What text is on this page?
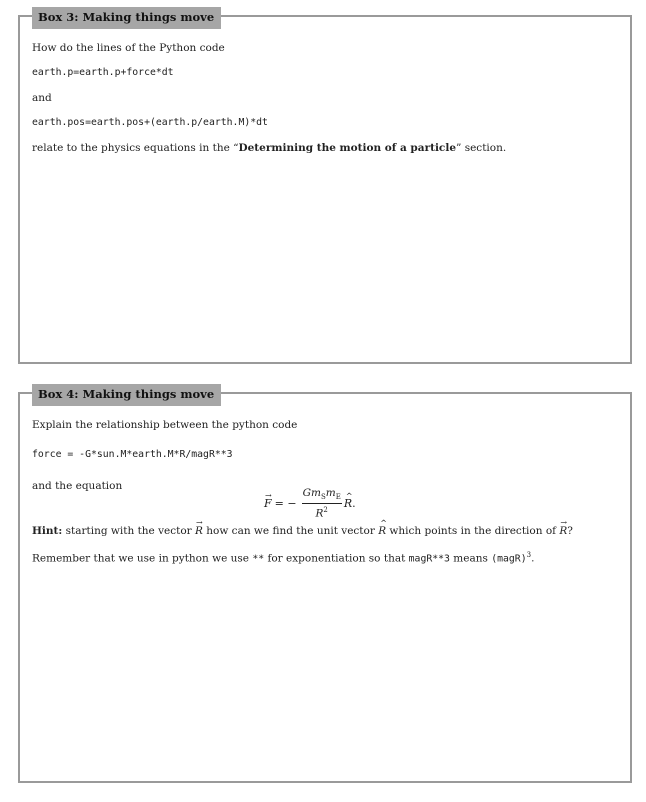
Box 3: Making things move

How do the lines of the Python code

earth.p=earth.p+force*dt

and

earth.pos=earth.pos+(earth.p/earth.M)*dt

relate to the physics equations in the “Determining the motion of a particle” section.

Box 4: Making things move

Explain the relationship between the python code

force = -G*sun.M*earth.M*R/magR**3

and the equation

→ F = − $\frac{Gm_Sm_E}{R^2}$
^ R .

Hint: starting with the vector → R how can we find the unit vector ^ R which points in the direction of → R?

Remember that we use in python we use ** for exponentiation so that magR**3 means (magR)$^3$.
